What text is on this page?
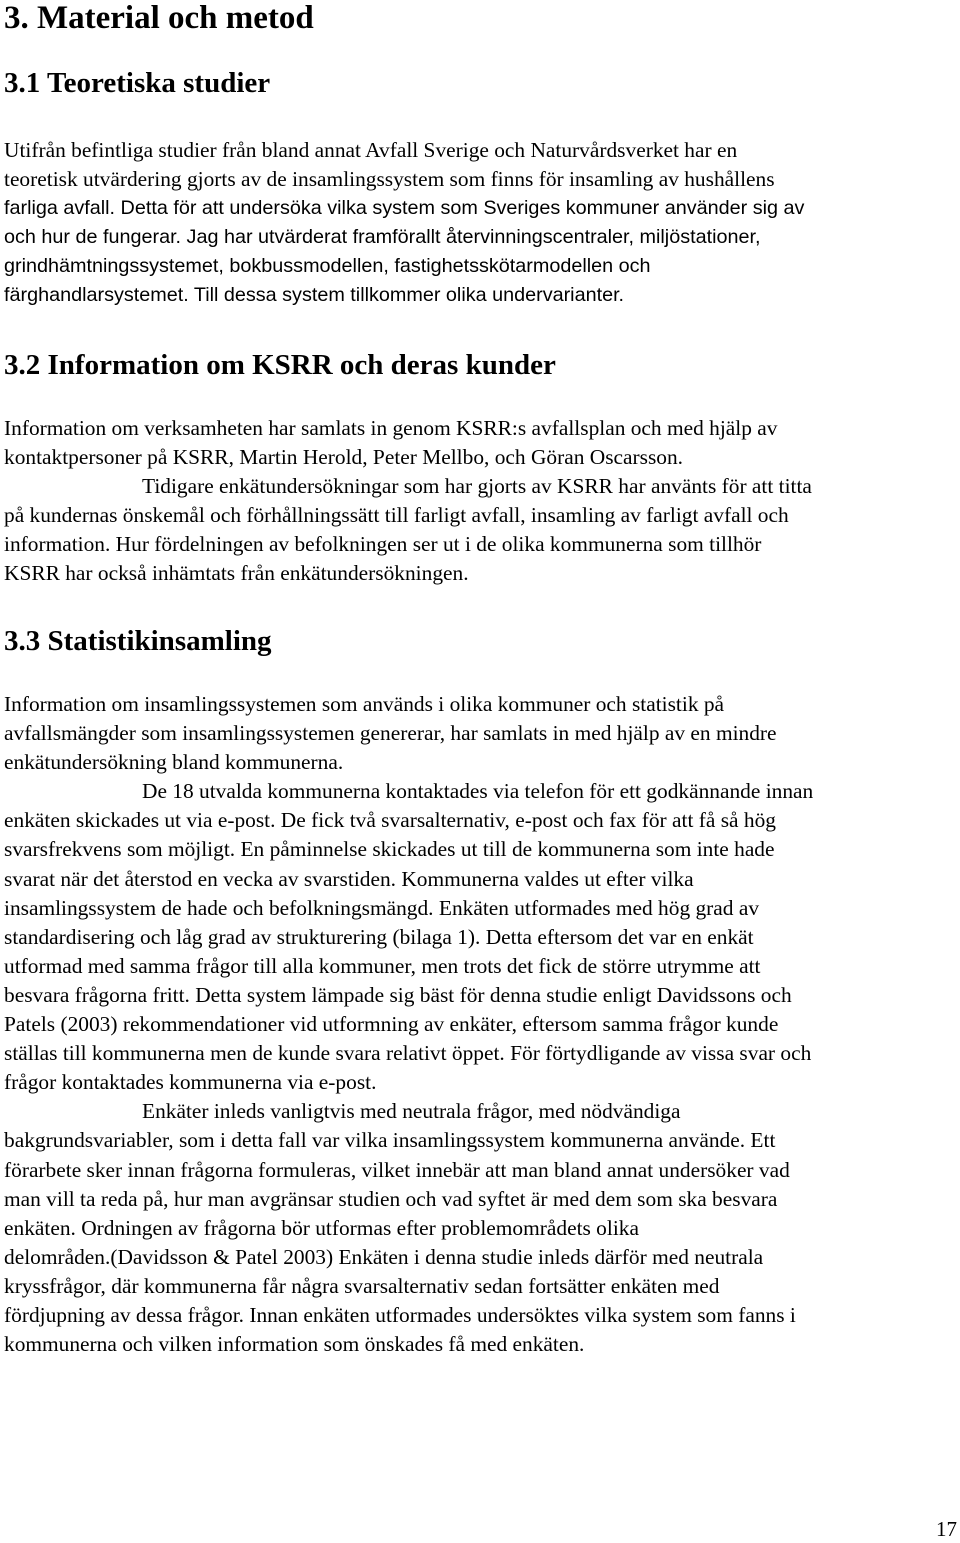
3. Material och metod
3.1 Teoretiska studier
Utifrån befintliga studier från bland annat Avfall Sverige och Naturvårdsverket har en
teoretisk utvärdering gjorts av de insamlingssystem som finns för insamling av hushållens
farliga avfall. Detta för att undersöka vilka system som Sveriges kommuner använder sig av
och hur de fungerar. Jag har utvärderat framförallt återvinningscentraler, miljöstationer,
grindhämtningssystemet, bokbussmodellen, fastighetsskötarmodellen och
färghandlarsystemet. Till dessa system tillkommer olika undervarianter.
3.2 Information om KSRR och deras kunder
Information om verksamheten har samlats in genom KSRR:s avfallsplan och med hjälp av
kontaktpersoner på KSRR, Martin Herold, Peter Mellbo, och Göran Oscarsson.
Tidigare enkätundersökningar som har gjorts av KSRR har använts för att titta
på kundernas önskemål och förhållningssätt till farligt avfall, insamling av farligt avfall och
information. Hur fördelningen av befolkningen ser ut i de olika kommunerna som tillhör
KSRR har också inhämtats från enkätundersökningen.
3.3 Statistikinsamling
Information om insamlingssystemen som används i olika kommuner och statistik på
avfallsmängder som insamlingssystemen genererar, har samlats in med hjälp av en mindre
enkätundersökning bland kommunerna.
De 18 utvalda kommunerna kontaktades via telefon för ett godkännande innan
enkäten skickades ut via e-post. De fick två svarsalternativ, e-post och fax för att få så hög
svarsfrekvens som möjligt. En påminnelse skickades ut till de kommunerna som inte hade
svarat när det återstod en vecka av svarstiden. Kommunerna valdes ut efter vilka
insamlingssystem de hade och befolkningsmängd. Enkäten utformades med hög grad av
standardisering och låg grad av strukturering (bilaga 1). Detta eftersom det var en enkät
utformad med samma frågor till alla kommuner, men trots det fick de större utrymme att
besvara frågorna fritt. Detta system lämpade sig bäst för denna studie enligt Davidssons och
Patels (2003) rekommendationer vid utformning av enkäter, eftersom samma frågor kunde
ställas till kommunerna men de kunde svara relativt öppet. För förtydligande av vissa svar och
frågor kontaktades kommunerna via e-post.
Enkäter inleds vanligtvis med neutrala frågor, med nödvändiga
bakgrundsvariabler, som i detta fall var vilka insamlingssystem kommunerna använde. Ett
förarbete sker innan frågorna formuleras, vilket innebär att man bland annat undersöker vad
man vill ta reda på, hur man avgränsar studien och vad syftet är med dem som ska besvara
enkäten. Ordningen av frågorna bör utformas efter problemområdets olika
delområden.(Davidsson & Patel 2003) Enkäten i denna studie inleds därför med neutrala
kryssfrågor, där kommunerna får några svarsalternativ sedan fortsätter enkäten med
fördjupning av dessa frågor. Innan enkäten utformades undersöktes vilka system som fanns i
kommunerna och vilken information som önskades få med enkäten.
17
